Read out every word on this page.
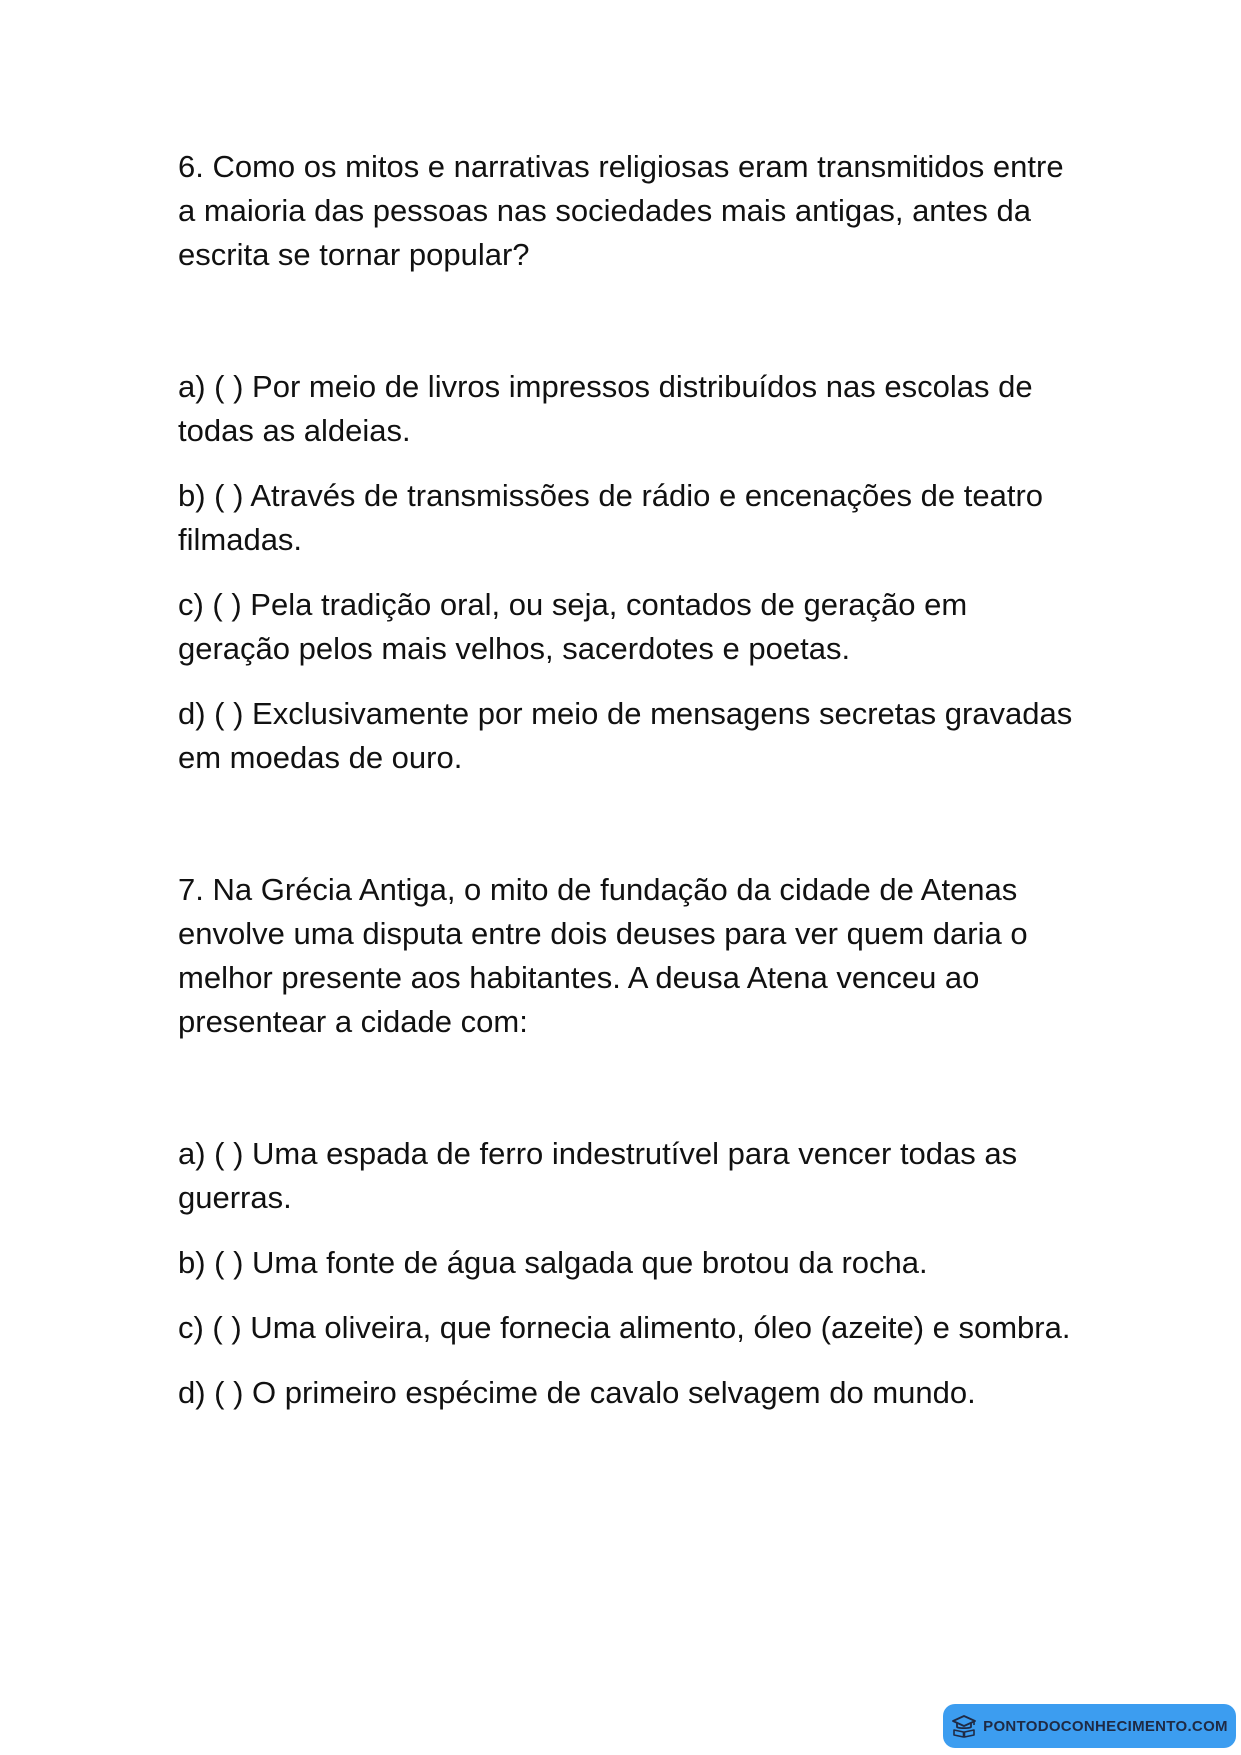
6. Como os mitos e narrativas religiosas eram transmitidos entre a maioria das pessoas nas sociedades mais antigas, antes da escrita se tornar popular?

a) ( ) Por meio de livros impressos distribuídos nas escolas de todas as aldeias.
b) ( ) Através de transmissões de rádio e encenações de teatro filmadas.
c) ( ) Pela tradição oral, ou seja, contados de geração em geração pelos mais velhos, sacerdotes e poetas.
d) ( ) Exclusivamente por meio de mensagens secretas gravadas em moedas de ouro.

7. Na Grécia Antiga, o mito de fundação da cidade de Atenas envolve uma disputa entre dois deuses para ver quem daria o melhor presente aos habitantes. A deusa Atena venceu ao presentear a cidade com:

a) ( ) Uma espada de ferro indestrutível para vencer todas as guerras.
b) ( ) Uma fonte de água salgada que brotou da rocha.
c) ( ) Uma oliveira, que fornecia alimento, óleo (azeite) e sombra.
d) ( ) O primeiro espécime de cavalo selvagem do mundo.
PONTODOCONHECIMENTO.COM
